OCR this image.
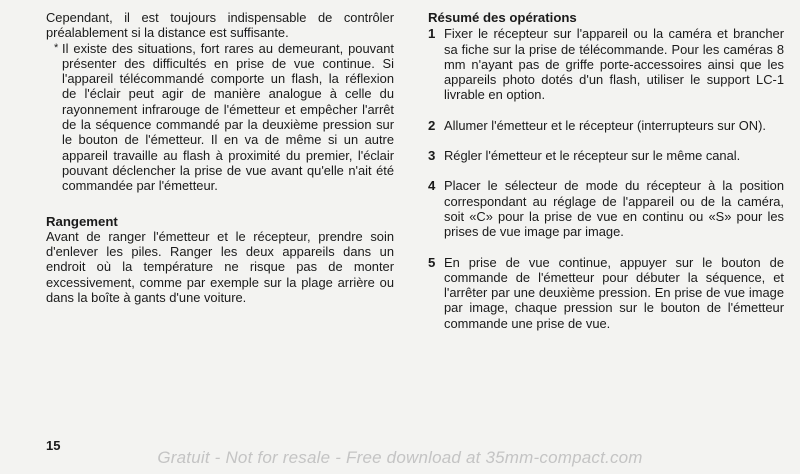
Cependant, il est toujours indispensable de contrôler préalablement si la distance est suffisante.

* Il existe des situations, fort rares au demeurant, pouvant présenter des difficultés en prise de vue continue. Si l'appareil télécommandé comporte un flash, la réflexion de l'éclair peut agir de manière analogue à celle du rayonnement infrarouge de l'émetteur et empêcher l'arrêt de la séquence commandé par la deuxième pression sur le bouton de l'émetteur. Il en va de même si un autre appareil travaille au flash à proximité du premier, l'éclair pouvant déclencher la prise de vue avant qu'elle n'ait été commandée par l'émetteur.

Rangement

Avant de ranger l'émetteur et le récepteur, prendre soin d'enlever les piles. Ranger les deux appareils dans un endroit où la température ne risque pas de monter excessivement, comme par exemple sur la plage arrière ou dans la boîte à gants d'une voiture.

Résumé des opérations

1 Fixer le récepteur sur l'appareil ou la caméra et brancher sa fiche sur la prise de télécommande. Pour les caméras 8 mm n'ayant pas de griffe porte-accessoires ainsi que les appareils photo dotés d'un flash, utiliser le support LC-1 livrable en option.
2 Allumer l'émetteur et le récepteur (interrupteurs sur ON).
3 Régler l'émetteur et le récepteur sur le même canal.
4 Placer le sélecteur de mode du récepteur à la position correspondant au réglage de l'appareil ou de la caméra, soit «C» pour la prise de vue en continu ou «S» pour les prises de vue image par image.
5 En prise de vue continue, appuyer sur le bouton de commande de l'émetteur pour débuter la séquence, et l'arrêter par une deuxième pression. En prise de vue image par image, chaque pression sur le bouton de l'émetteur commande une prise de vue.
15
Gratuit - Not for resale - Free download at 35mm-compact.com
